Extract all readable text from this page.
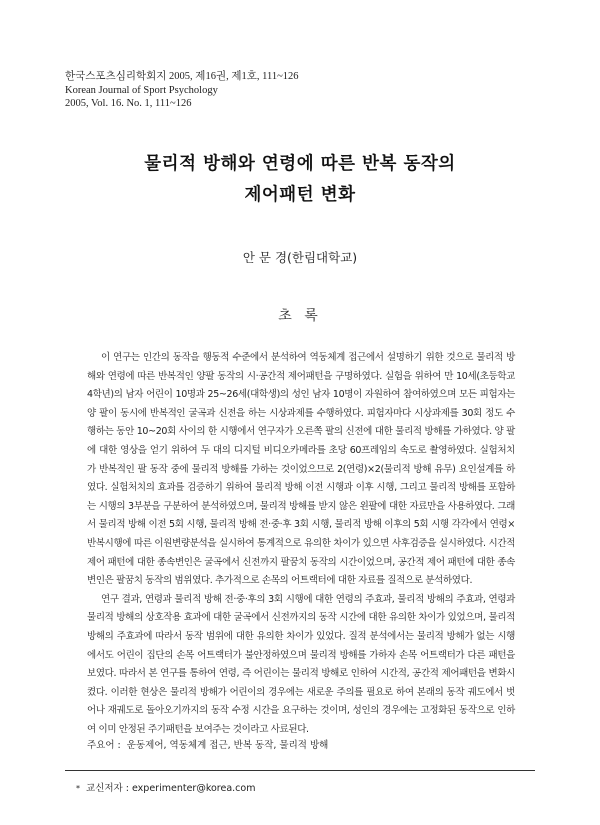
한국스포츠심리학회지 2005, 제16권, 제1호, 111~126
Korean Journal of Sport Psychology
2005, Vol. 16. No. 1, 111~126
물리적 방해와 연령에 따른 반복 동작의
제어패턴 변화
안 문 경(한림대학교)
초 록

이 연구는 인간의 동작을 행동적 수준에서 분석하여 역동체계 접근에서 설명하기 위한 것으로 물리적 방해와 연령에 따른 반복적인 양팔 동작의 시·공간적 제어패턴을 구명하였다. 실험을 위하여 만 10세(초등학교 4학년)의 남자 어린이 10명과 25~26세(대학생)의 성인 남자 10명이 자원하여 참여하였으며 모든 피험자는 양 팔이 동시에 반복적인 굴곡과 신전을 하는 시상과제를 수행하였다. 피험자마다 시상과제를 30회 정도 수행하는 동안 10~20회 사이의 한 시행에서 연구자가 오른쪽 팔의 신전에 대한 물리적 방해를 가하였다. 양 팔에 대한 영상을 얻기 위하여 두 대의 디지털 비디오카메라를 초당 60프레임의 속도로 촬영하였다. 실험처치가 반복적인 팔 동작 중에 물리적 방해를 가하는 것이었으므로 2(연령)×2(물리적 방해 유무) 요인설계를 하였다. 실험처치의 효과를 검증하기 위하여 물리적 방해 이전 시행과 이후 시행, 그리고 물리적 방해를 포함하는 시행의 3부분을 구분하여 분석하였으며, 물리적 방해를 받지 않은 왼팔에 대한 자료만을 사용하였다. 그래서 물리적 방해 이전 5회 시행, 물리적 방해 전·중·후 3회 시행, 물리적 방해 이후의 5회 시행 각각에서 연령×반복시행에 따른 이원변량분석을 실시하여 통계적으로 유의한 차이가 있으면 사후검증을 실시하였다. 시간적 제어 패턴에 대한 종속변인은 굴곡에서 신전까지 팔꿈치 동작의 시간이었으며, 공간적 제어 패턴에 대한 종속변인은 팔꿈치 동작의 범위였다. 추가적으로 손목의 어트랙터에 대한 자료를 질적으로 분석하였다.

연구 결과, 연령과 물리적 방해 전·중·후의 3회 시행에 대한 연령의 주효과, 물리적 방해의 주효과, 연령과 물리적 방해의 상호작용 효과에 대한 굴곡에서 신전까지의 동작 시간에 대한 유의한 차이가 있었으며, 물리적 방해의 주효과에 따라서 동작 범위에 대한 유의한 차이가 있었다. 질적 분석에서는 물리적 방해가 없는 시행에서도 어린이 집단의 손목 어트랙터가 불안정하였으며 물리적 방해를 가하자 손목 어트랙터가 다른 패턴을 보였다. 따라서 본 연구를 통하여 연령, 즉 어린이는 물리적 방해로 인하여 시간적, 공간적 제어패턴을 변화시켰다. 이러한 현상은 물리적 방해가 어린이의 경우에는 새로운 주의를 필요로 하여 본래의 동작 궤도에서 벗어나 재궤도로 돌아오기까지의 동작 수정 시간을 요구하는 것이며, 성인의 경우에는 고정화된 동작으로 인하여 이미 안정된 주기패턴을 보여주는 것이라고 사료된다.

주요어 : 운동제어, 역동체계 접근, 반복 동작, 물리적 방해
* 교신저자 : experimenter@korea.com
